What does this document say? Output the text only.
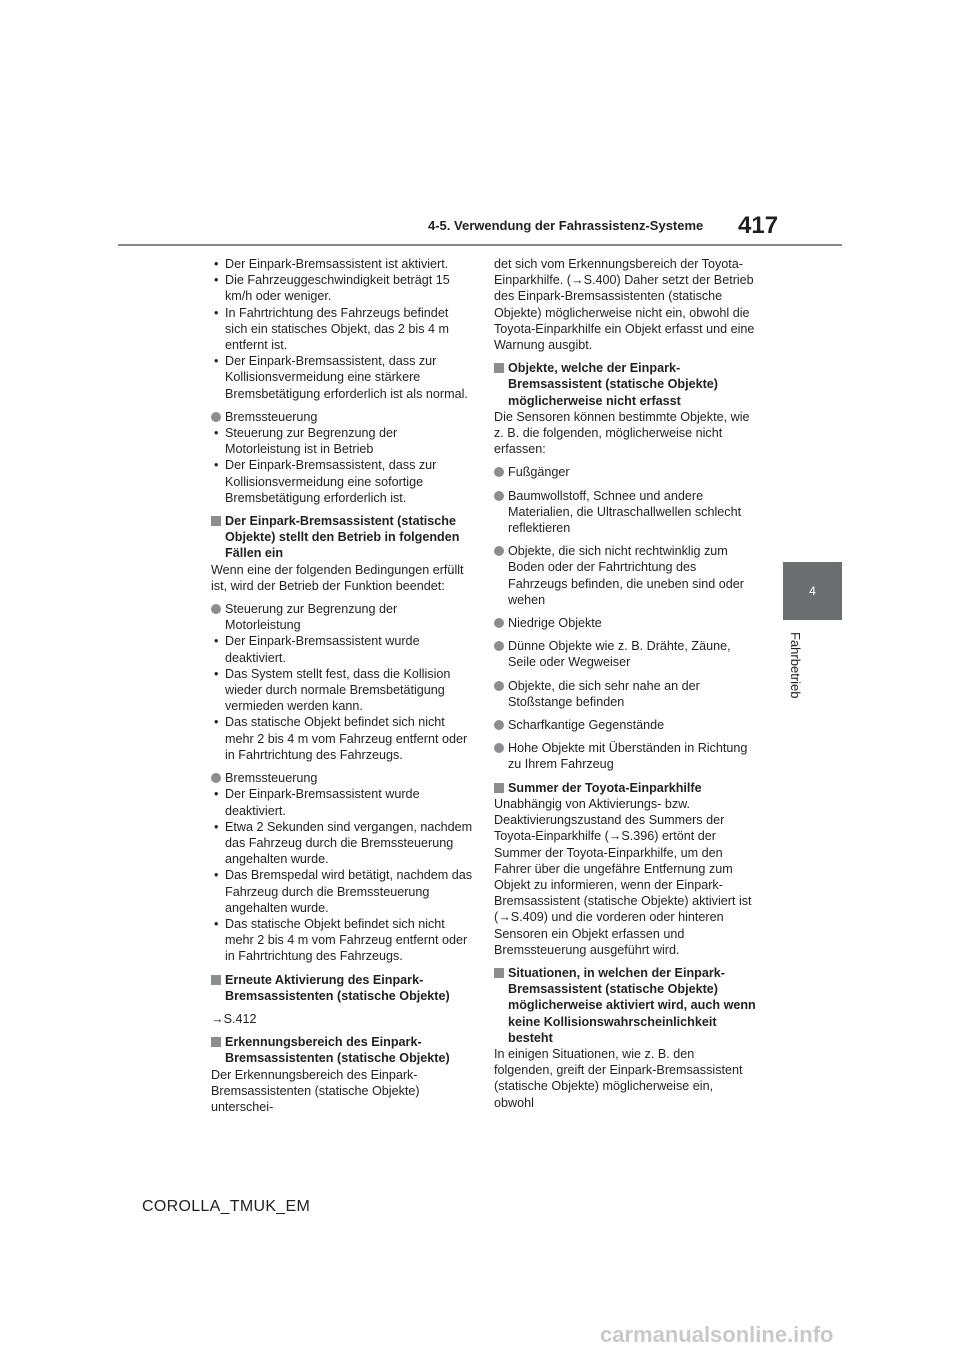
4-5. Verwendung der Fahrassistenz-Systeme 417
4
Fahrbetrieb

• Der Einpark-Bremsassistent ist aktiviert.

• Die Fahrzeuggeschwindigkeit beträgt 15 km/h oder weniger.

• In Fahrtrichtung des Fahrzeugs befindet sich ein statisches Objekt, das 2 bis 4 m entfernt ist.

• Der Einpark-Bremsassistent, dass zur Kollisionsvermeidung eine stärkere Bremsbetätigung erforderlich ist als normal.

Bremssteuerung

• Steuerung zur Begrenzung der Motorleistung ist in Betrieb

• Der Einpark-Bremsassistent, dass zur Kollisionsvermeidung eine sofortige Bremsbetätigung erforderlich ist.

Der Einpark-Bremsassistent (statische Objekte) stellt den Betrieb in folgenden Fällen ein

Wenn eine der folgenden Bedingungen erfüllt ist, wird der Betrieb der Funktion beendet:

Steuerung zur Begrenzung der Motorleistung

• Der Einpark-Bremsassistent wurde deaktiviert.

• Das System stellt fest, dass die Kollision wieder durch normale Bremsbetätigung vermieden werden kann.

• Das statische Objekt befindet sich nicht mehr 2 bis 4 m vom Fahrzeug entfernt oder in Fahrtrichtung des Fahrzeugs.

Bremssteuerung

• Der Einpark-Bremsassistent wurde deaktiviert.

• Etwa 2 Sekunden sind vergangen, nachdem das Fahrzeug durch die Bremssteuerung angehalten wurde.

• Das Bremspedal wird betätigt, nachdem das Fahrzeug durch die Bremssteuerung angehalten wurde.

• Das statische Objekt befindet sich nicht mehr 2 bis 4 m vom Fahrzeug entfernt oder in Fahrtrichtung des Fahrzeugs.

Erneute Aktivierung des Einpark-Bremsassistenten (statische Objekte)

→S.412

Erkennungsbereich des Einpark-Bremsassistenten (statische Objekte)

Der Erkennungsbereich des Einpark-Bremsassistenten (statische Objekte) unterschei-

det sich vom Erkennungsbereich der Toyota-Einparkhilfe. (→S.400) Daher setzt der Betrieb des Einpark-Bremsassistenten (statische Objekte) möglicherweise nicht ein, obwohl die Toyota-Einparkhilfe ein Objekt erfasst und eine Warnung ausgibt.

Objekte, welche der Einpark-Bremsassistent (statische Objekte) möglicherweise nicht erfasst

Die Sensoren können bestimmte Objekte, wie z. B. die folgenden, möglicherweise nicht erfassen:

Fußgänger

Baumwollstoff, Schnee und andere Materialien, die Ultraschallwellen schlecht reflektieren

Objekte, die sich nicht rechtwinklig zum Boden oder der Fahrtrichtung des Fahrzeugs befinden, die uneben sind oder wehen

Niedrige Objekte

Dünne Objekte wie z. B. Drähte, Zäune, Seile oder Wegweiser

Objekte, die sich sehr nahe an der Stoßstange befinden

Scharfkantige Gegenstände

Hohe Objekte mit Überständen in Richtung zu Ihrem Fahrzeug

Summer der Toyota-Einparkhilfe

Unabhängig von Aktivierungs- bzw. Deaktivierungszustand des Summers der Toyota-Einparkhilfe (→S.396) ertönt der Summer der Toyota-Einparkhilfe, um den Fahrer über die ungefähre Entfernung zum Objekt zu informieren, wenn der Einpark-Bremsassistent (statische Objekte) aktiviert ist (→S.409) und die vorderen oder hinteren Sensoren ein Objekt erfassen und Bremssteuerung ausgeführt wird.

Situationen, in welchen der Einpark-Bremsassistent (statische Objekte) möglicherweise aktiviert wird, auch wenn keine Kollisionswahrscheinlichkeit besteht

In einigen Situationen, wie z. B. den folgenden, greift der Einpark-Bremsassistent (statische Objekte) möglicherweise ein, obwohl

COROLLA_TMUK_EM
carmanualsonline.info
